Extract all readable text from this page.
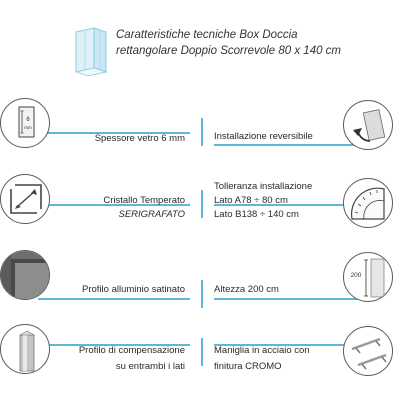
Caratteristiche tecniche Box Doccia
rettangolare Doppio Scorrevole 80 x 140 cm
6
mm
Spessore vetro 6 mm	Installazione reversibile
Cristallo Temperato
SERIGRAFATO
Tolleranza installazione
Lato A78 ÷ 80 cm
Lato B138 ÷ 140 cm
Profilo alluminio satinato
200
Altezza 200 cm
Profilo di compensazione
su entrambi i lati
Maniglia in acciaio con
finitura CROMO
